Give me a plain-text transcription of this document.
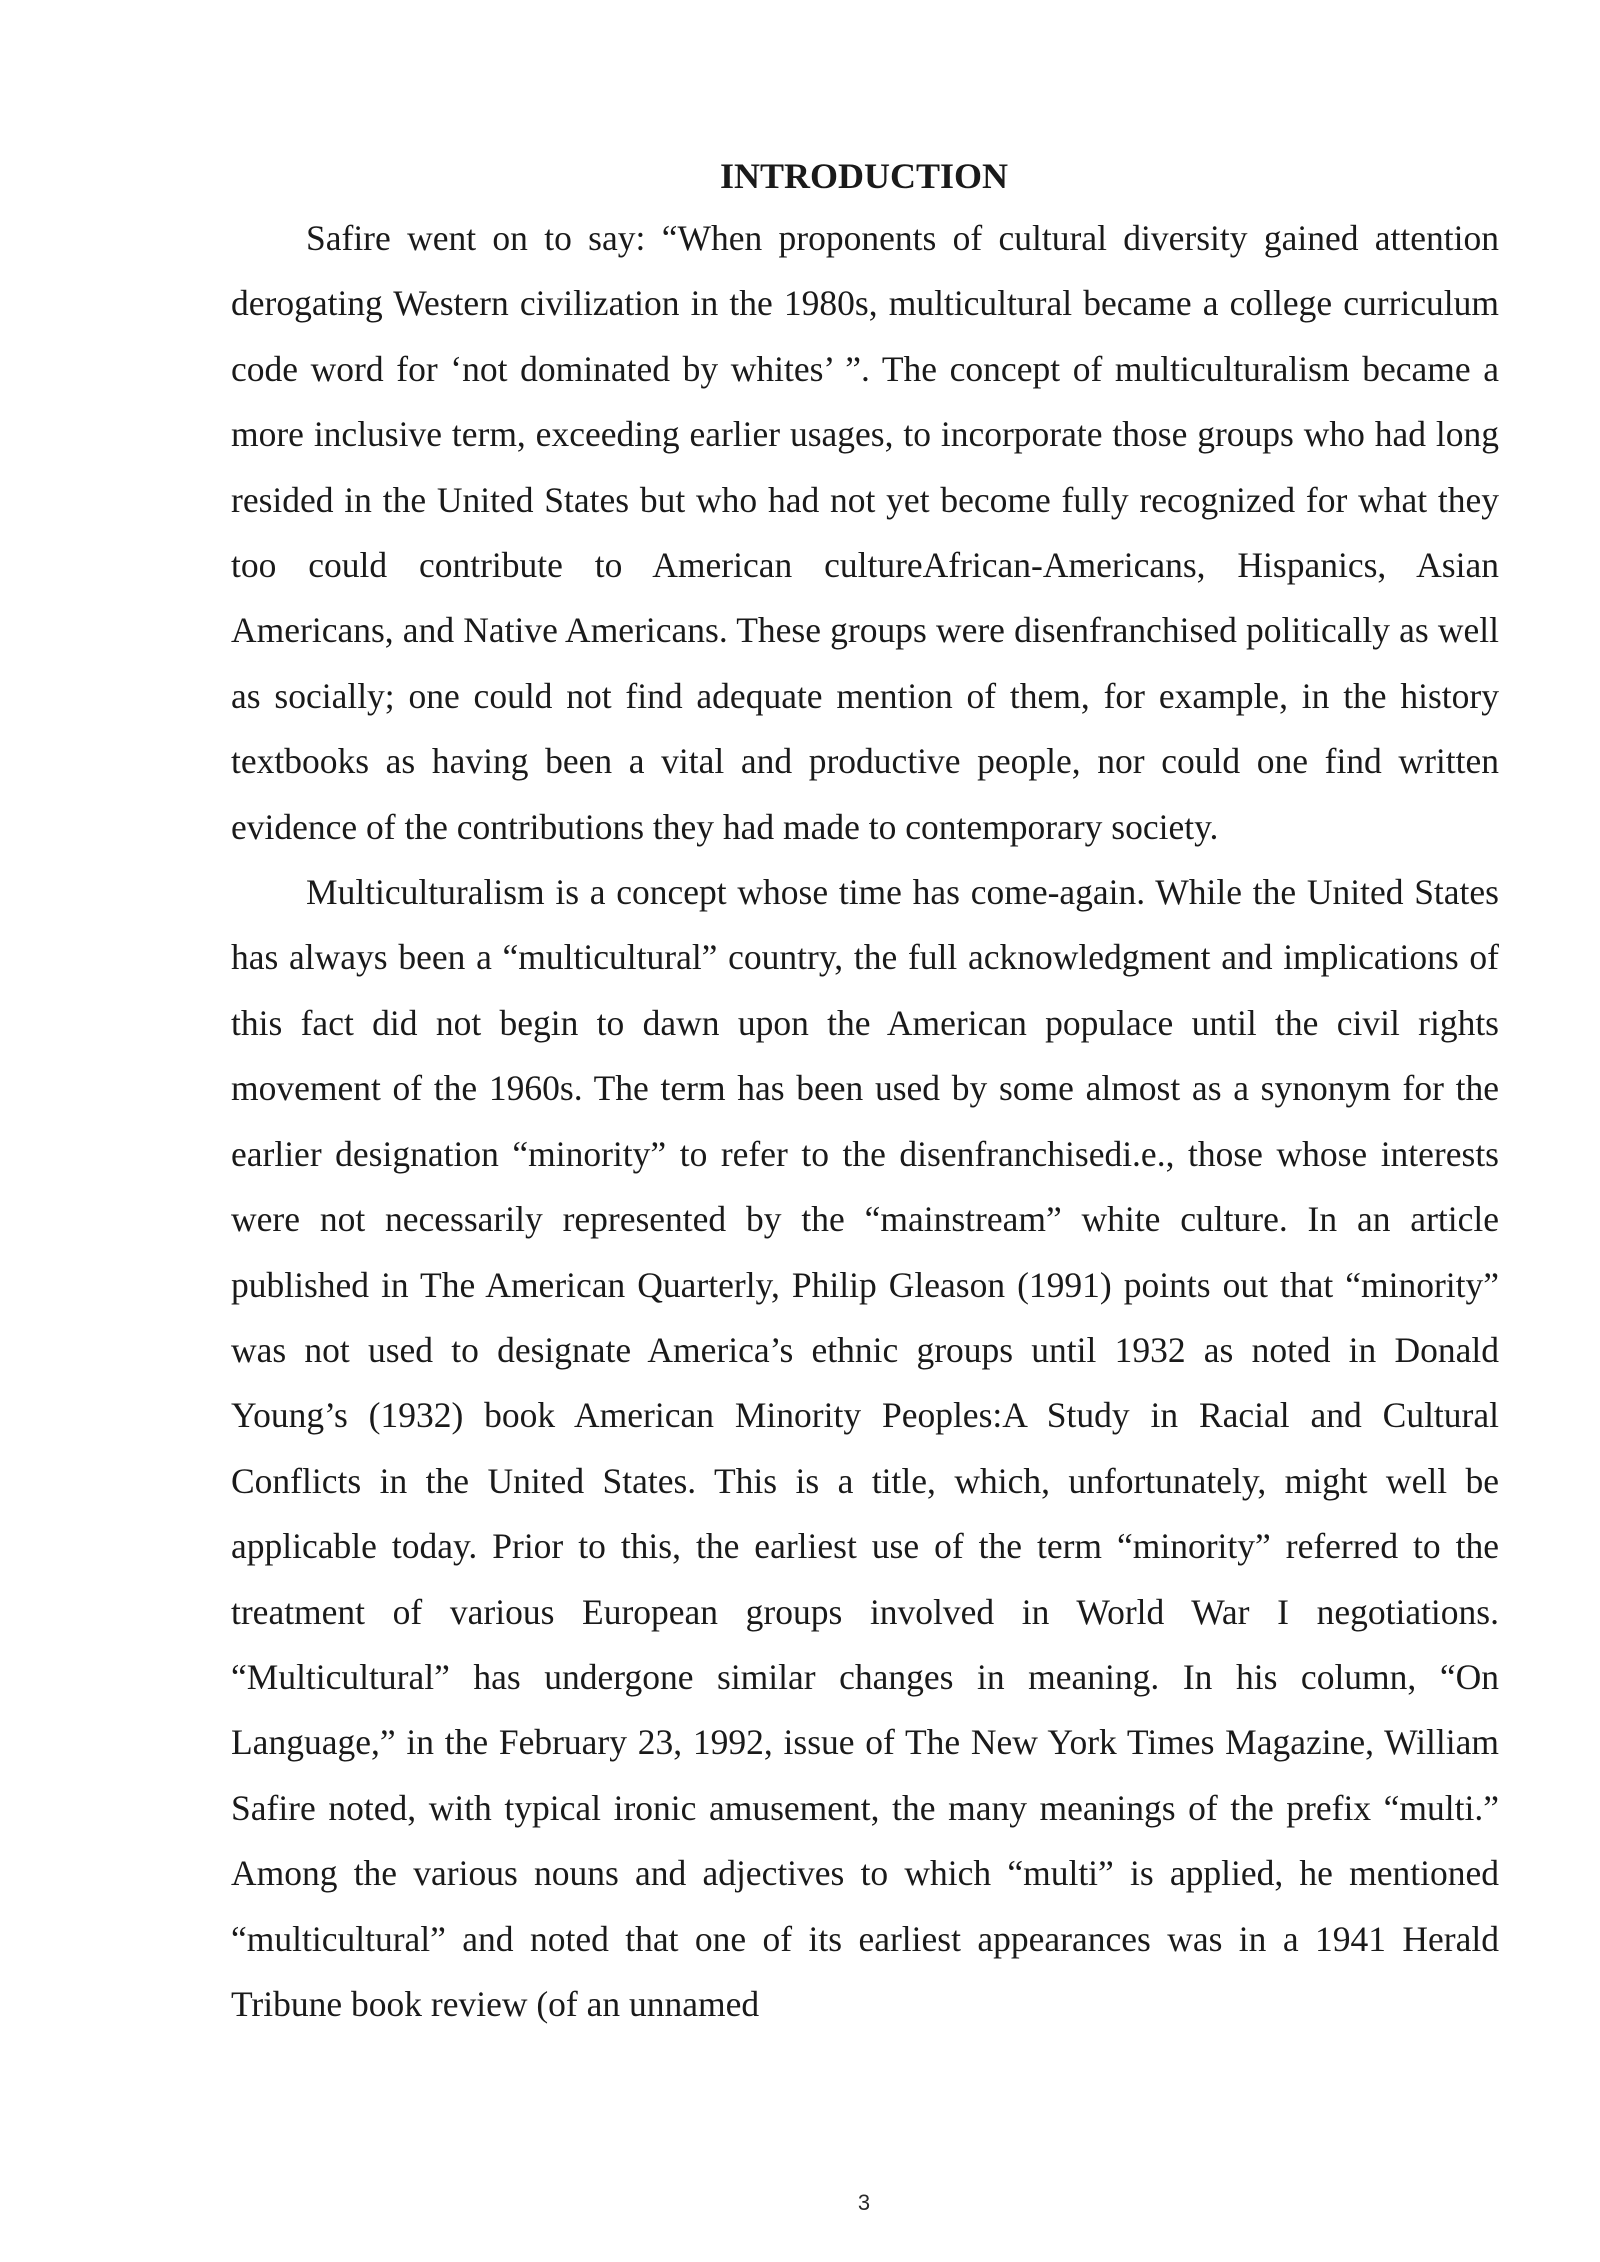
INTRODUCTION

Safire went on to say: “When proponents of cultural diversity gained attention derogating Western civilization in the 1980s, multicultural became a college curriculum code word for ‘not dominated by whites’ ”. The concept of multiculturalism became a more inclusive term, exceeding earlier usages, to incorporate those groups who had long resided in the United States but who had not yet become fully recognized for what they too could contribute to American cultureAfrican-Americans, Hispanics, Asian Americans, and Native Americans. These groups were disenfranchised politically as well as socially; one could not find adequate mention of them, for example, in the history textbooks as having been a vital and productive people, nor could one find written evidence of the contributions they had made to contemporary society.

Multiculturalism is a concept whose time has come-again. While the United States has always been a “multicultural” country, the full acknowledgment and implications of this fact did not begin to dawn upon the American populace until the civil rights movement of the 1960s. The term has been used by some almost as a synonym for the earlier designation “minority” to refer to the disenfranchisedi.e., those whose interests were not necessarily represented by the “mainstream” white culture. In an article published in The American Quarterly, Philip Gleason (1991) points out that “minority” was not used to designate America’s ethnic groups until 1932 as noted in Donald Young’s (1932) book American Minority Peoples:A Study in Racial and Cultural Conflicts in the United States. This is a title, which, unfortunately, might well be applicable today. Prior to this, the earliest use of the term “minority” referred to the treatment of various European groups involved in World War I negotiations. “Multicultural” has undergone similar changes in meaning. In his column, “On Language,” in the February 23, 1992, issue of The New York Times Magazine, William Safire noted, with typical ironic amusement, the many meanings of the prefix “multi.” Among the various nouns and adjectives to which “multi” is applied, he mentioned “multicultural” and noted that one of its earliest appearances was in a 1941 Herald Tribune book review (of an unnamed

3
